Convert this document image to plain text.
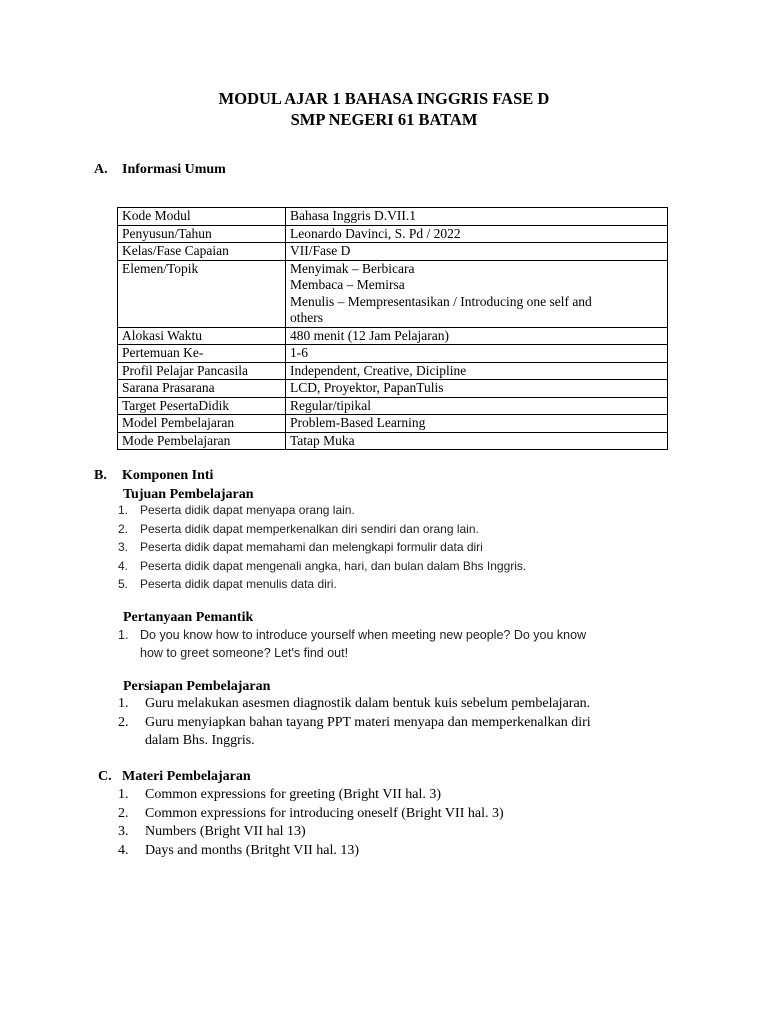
MODUL AJAR 1 BAHASA INGGRIS FASE D
SMP NEGERI 61 BATAM
A. Informasi Umum
Kode Modul	Bahasa Inggris D.VII.1

Penyusun/Tahun	Leonardo Davinci, S. Pd / 2022

Kelas/Fase Capaian	VII/Fase D

Elemen/Topik	Menyimak – Berbicara
Membaca – Memirsa
Menulis – Mempresentasikan / Introducing one self and
others

Alokasi Waktu	480 menit (12 Jam Pelajaran)

Pertemuan Ke-	1-6

Profil Pelajar Pancasila	Independent, Creative, Dicipline

Sarana Prasarana	LCD, Proyektor, PapanTulis

Target PesertaDidik	Regular/tipikal

Model Pembelajaran	Problem-Based Learning

Mode Pembelajaran	Tatap Muka
B. Komponen Inti
Tujuan Pembelajaran
1. Peserta didik dapat menyapa orang lain.
2. Peserta didik dapat memperkenalkan diri sendiri dan orang lain.
3. Peserta didik dapat memahami dan melengkapi formulir data diri
4. Peserta didik dapat mengenali angka, hari, dan bulan dalam Bhs Inggris.
5. Peserta didik dapat menulis data diri.
Pertanyaan Pemantik
1. Do you know how to introduce yourself when meeting new people? Do you know
how to greet someone? Let's find out!
Persiapan Pembelajaran
1. Guru melakukan asesmen diagnostik dalam bentuk kuis sebelum pembelajaran.
2. Guru menyiapkan bahan tayang PPT materi menyapa dan memperkenalkan diri
dalam Bhs. Inggris.
C. Materi Pembelajaran
1. Common expressions for greeting (Bright VII hal. 3)
2. Common expressions for introducing oneself (Bright VII hal. 3)
3. Numbers (Bright VII hal 13)
4. Days and months (Britght VII hal. 13)
